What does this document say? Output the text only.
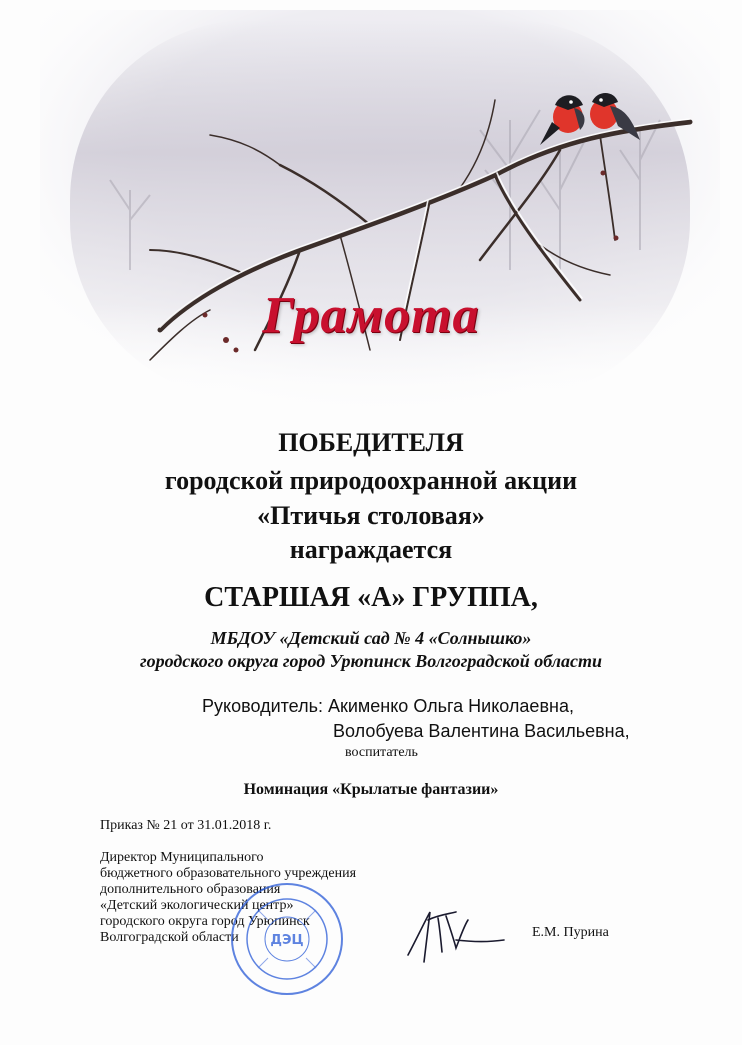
Грамота
ПОБЕДИТЕЛЯ
городской природоохранной акции
«Птичья столовая»
награждается
СТАРШАЯ «А» ГРУППА,
МБДОУ «Детский сад № 4 «Солнышко»
городского округа город Урюпинск Волгоградской области
Руководитель: Акименко Ольга Николаевна,
Волобуева Валентина Васильевна,
воспитатель
Номинация «Крылатые фантазии»
Приказ № 21 от 31.01.2018 г.
Директор Муниципального
бюджетного образовательного учреждения
дополнительного образования
«Детский экологический центр»
городского округа город Урюпинск
Волгоградской области	ДЭЦ
Е.М. Пурина
